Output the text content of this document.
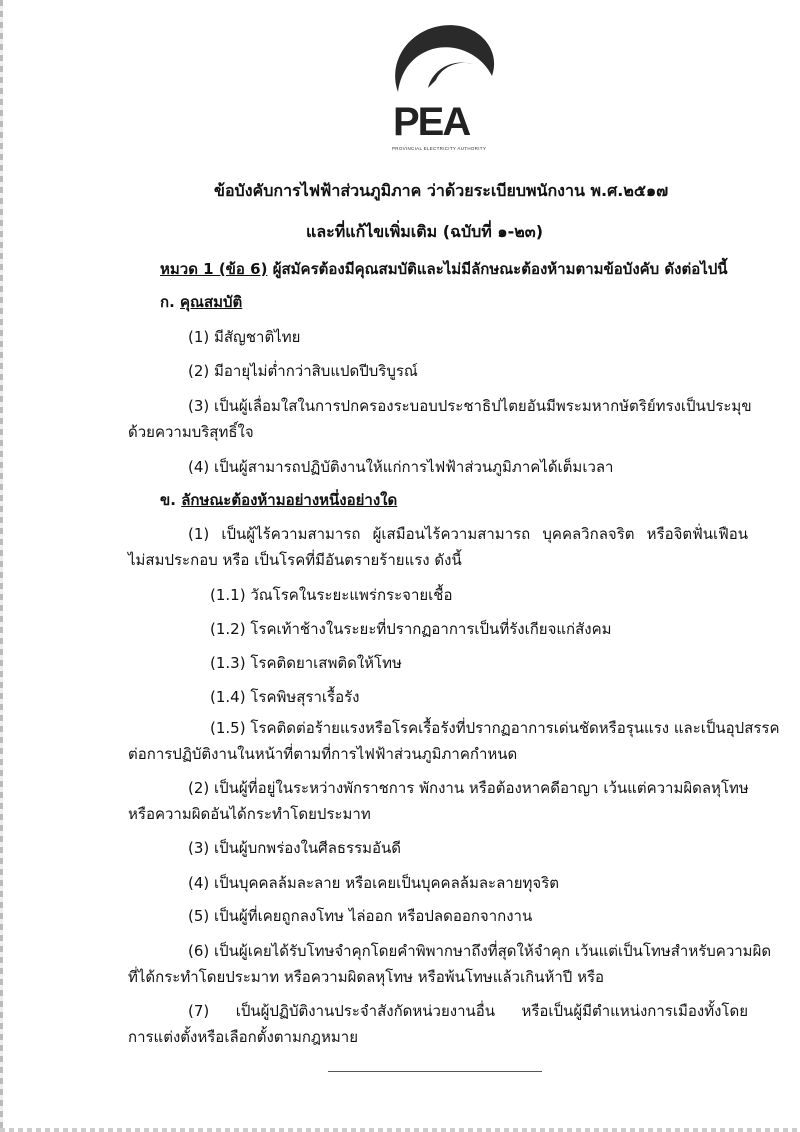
PEA
PROVINCIAL ELECTRICITY AUTHORITY
ข้อบังคับการไฟฟ้าส่วนภูมิภาค ว่าด้วยระเบียบพนักงาน พ.ศ.๒๕๑๗
และที่แก้ไขเพิ่มเติม (ฉบับที่ ๑-๒๓)
หมวด 1 (ข้อ 6) ผู้สมัครต้องมีคุณสมบัติและไม่มีลักษณะต้องห้ามตามข้อบังคับ ดังต่อไปนี้
ก. คุณสมบัติ
(1) มีสัญชาติไทย
(2) มีอายุไม่ต่ำกว่าสิบแปดปีบริบูรณ์
(3) เป็นผู้เลื่อมใสในการปกครองระบอบประชาธิปไตยอันมีพระมหากษัตริย์ทรงเป็นประมุข
ด้วยความบริสุทธิ์ใจ
(4) เป็นผู้สามารถปฏิบัติงานให้แก่การไฟฟ้าส่วนภูมิภาคได้เต็มเวลา
ข. ลักษณะต้องห้ามอย่างหนึ่งอย่างใด
(1) เป็นผู้ไร้ความสามารถ ผู้เสมือนไร้ความสามารถ บุคคลวิกลจริต หรือจิตฟั่นเฟือน
ไม่สมประกอบ หรือ เป็นโรคที่มีอันตรายร้ายแรง ดังนี้
(1.1) วัณโรคในระยะแพร่กระจายเชื้อ
(1.2) โรคเท้าช้างในระยะที่ปรากฏอาการเป็นที่รังเกียจแก่สังคม
(1.3) โรคติดยาเสพติดให้โทษ
(1.4) โรคพิษสุราเรื้อรัง
(1.5) โรคติดต่อร้ายแรงหรือโรคเรื้อรังที่ปรากฏอาการเด่นชัดหรือรุนแรง และเป็นอุปสรรค
ต่อการปฏิบัติงานในหน้าที่ตามที่การไฟฟ้าส่วนภูมิภาคกำหนด
(2) เป็นผู้ที่อยู่ในระหว่างพักราชการ พักงาน หรือต้องหาคดีอาญา เว้นแต่ความผิดลหุโทษ
หรือความผิดอันได้กระทำโดยประมาท
(3) เป็นผู้บกพร่องในศีลธรรมอันดี
(4) เป็นบุคคลล้มละลาย หรือเคยเป็นบุคคลล้มละลายทุจริต
(5) เป็นผู้ที่เคยถูกลงโทษ ไล่ออก หรือปลดออกจากงาน
(6) เป็นผู้เคยได้รับโทษจำคุกโดยคำพิพากษาถึงที่สุดให้จำคุก เว้นแต่เป็นโทษสำหรับความผิด
ที่ได้กระทำโดยประมาท หรือความผิดลหุโทษ หรือพ้นโทษแล้วเกินห้าปี หรือ
(7) เป็นผู้ปฏิบัติงานประจำสังกัดหน่วยงานอื่น หรือเป็นผู้มีตำแหน่งการเมืองทั้งโดย
การแต่งตั้งหรือเลือกตั้งตามกฎหมาย
